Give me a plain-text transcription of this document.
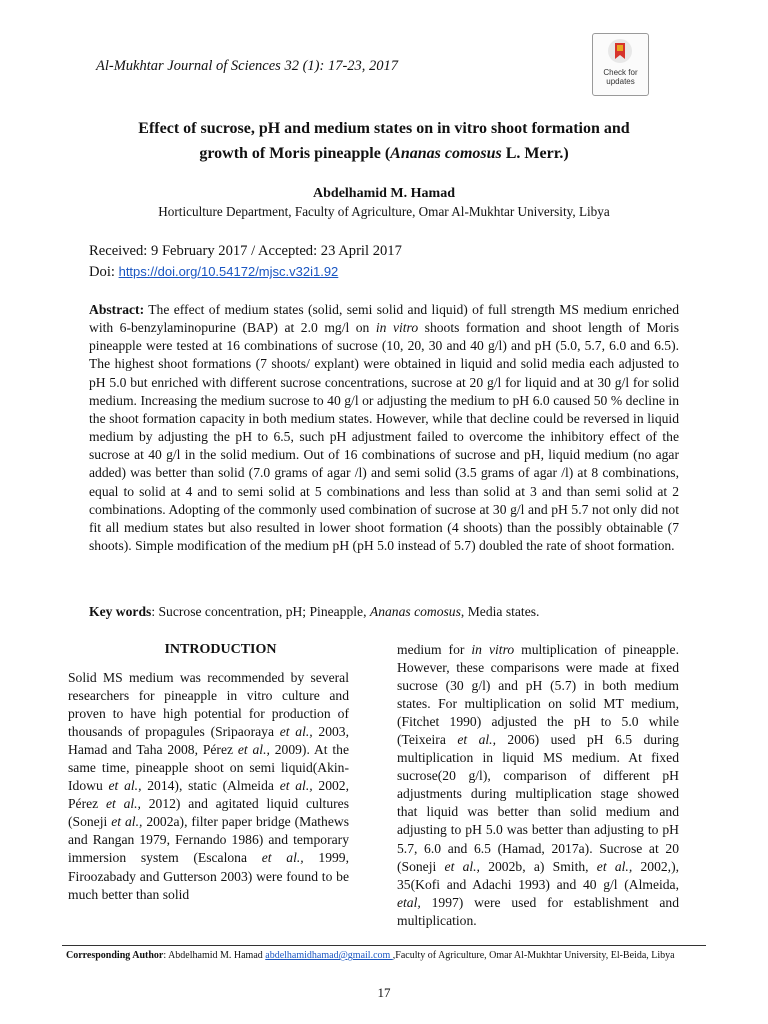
Al-Mukhtar Journal of Sciences 32 (1): 17-23, 2017	Check for updates
Effect of sucrose, pH and medium states on in vitro shoot formation and
growth of Moris pineapple (Ananas comosus L. Merr.)
Abdelhamid M. Hamad
Horticulture Department, Faculty of Agriculture, Omar Al-Mukhtar University, Libya
Received: 9 February 2017 / Accepted: 23 April 2017
Doi: https://doi.org/10.54172/mjsc.v32i1.92
Abstract: The effect of medium states (solid, semi solid and liquid) of full strength MS medium enriched with 6-benzylaminopurine (BAP) at 2.0 mg/l on in vitro shoots formation and shoot length of Moris pineapple were tested at 16 combinations of sucrose (10, 20, 30 and 40 g/l) and pH (5.0, 5.7, 6.0 and 6.5). The highest shoot formations (7 shoots/ explant) were obtained in liquid and solid media each adjusted to pH 5.0 but enriched with different sucrose concentrations, sucrose at 20 g/l for liquid and at 30 g/l for solid medium. Increasing the medium sucrose to 40 g/l or adjusting the medium to pH 6.0 caused 50 % decline in the shoot formation capacity in both medium states. However, while that decline could be reversed in liquid medium by adjusting the pH to 6.5, such pH adjustment failed to overcome the inhibitory effect of the sucrose at 40 g/l in the solid medium. Out of 16 combinations of sucrose and pH, liquid medium (no agar added) was better than solid (7.0 grams of agar /l) and semi solid (3.5 grams of agar /l) at 8 combinations, equal to solid at 4 and to semi solid at 5 combinations and less than solid at 3 and than semi solid at 2 combinations. Adopting of the commonly used combination of sucrose at 30 g/l and pH 5.7 not only did not fit all medium states but also resulted in lower shoot formation (4 shoots) than the possibly obtainable (7 shoots). Simple modification of the medium pH (pH 5.0 instead of 5.7) doubled the rate of shoot formation.
Key words: Sucrose concentration, pH; Pineapple, Ananas comosus, Media states.
INTRODUCTION
Solid MS medium was recommended by several researchers for pineapple in vitro culture and proven to have high potential for production of thousands of propagules (Sripaoraya et al., 2003, Hamad and Taha 2008, Pérez et al., 2009). At the same time, pineapple shoot on semi liquid(Akin-Idowu et al., 2014), static (Almeida et al., 2002, Pérez et al., 2012) and agitated liquid cultures (Soneji et al., 2002a), filter paper bridge (Mathews and Rangan 1979, Fernando 1986) and temporary immersion system (Escalona et al., 1999, Firoozabady and Gutterson 2003) were found to be much better than solid
medium for in vitro multiplication of pineapple. However, these comparisons were made at fixed sucrose (30 g/l) and pH (5.7) in both medium states. For multiplication on solid MT medium, (Fitchet 1990) adjusted the pH to 5.0 while (Teixeira et al., 2006) used pH 6.5 during multiplication in liquid MS medium. At fixed sucrose(20 g/l), comparison of different pH adjustments during multiplication stage showed that liquid was better than solid medium and adjusting to pH 5.0 was better than adjusting to pH 5.7, 6.0 and 6.5 (Hamad, 2017a). Sucrose at 20 (Soneji et al., 2002b, a) Smith, et al., 2002,), 35(Kofi and Adachi 1993) and 40 g/l (Almeida, etal, 1997) were used for establishment and multiplication.
Corresponding Author: Abdelhamid M. Hamad abdelhamidhamad@gmail.com ,Faculty of Agriculture, Omar Al-Mukhtar University, El-Beida, Libya
17
